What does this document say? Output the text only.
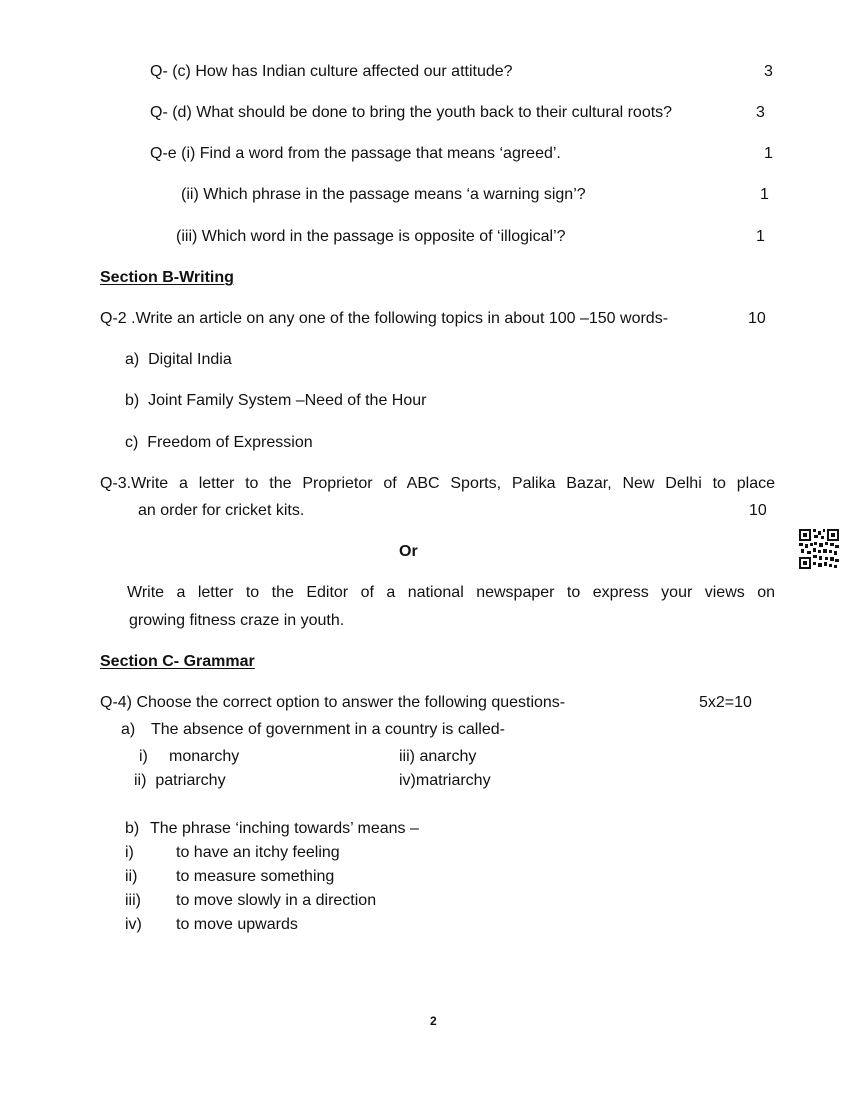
Q- (c) How has Indian culture affected our attitude?	3
Q- (d) What should be done to bring the youth back to their cultural roots?	3
Q-e (i) Find a word from the passage that means ‘agreed’.	1
(ii) Which phrase in the passage means ‘a warning sign’?	1
(iii) Which word in the passage is opposite of ‘illogical’?	1
Section B-Writing
Q-2 .Write an article on any one of the following topics in about 100 –150 words-	10
a) Digital India
b) Joint Family System –Need of the Hour
c) Freedom of Expression
Q-3.Write a letter to the Proprietor of ABC Sports, Palika Bazar, New Delhi to place
an order for cricket kits.	10
Or
Write a letter to the Editor of a national newspaper to express your views on
growing fitness craze in youth.
Section C- Grammar
Q-4) Choose the correct option to answer the following questions-	5x2=10
a) The absence of government in a country is called-
i) monarchy	iii) anarchy
ii) patriarchy	iv)matriarchy
b) The phrase ‘inching towards’ means –
i)	to have an itchy feeling
ii) to measure something
iii) to move slowly in a direction
iv) to move upwards
2
